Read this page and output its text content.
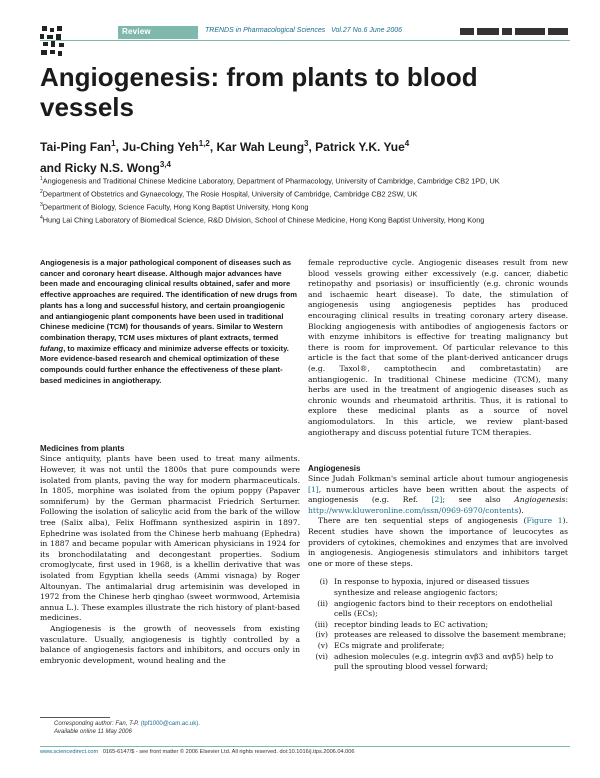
Review	TRENDS in Pharmacological Sciences Vol.27 No.6 June 2006
Angiogenesis: from plants to blood vessels
Tai-Ping Fan$^1$, Ju-Ching Yeh$^{1,2}$, Kar Wah Leung$^3$, Patrick Y.K. Yue$^4$
and Ricky N.S. Wong$^{3,4}$

$^1$Angiogenesis and Traditional Chinese Medicine Laboratory, Department of Pharmacology, University of Cambridge, Cambridge CB2 1PD, UK

$^2$Department of Obstetrics and Gynaecology, The Rosie Hospital, University of Cambridge, Cambridge CB2 2SW, UK

$^3$Department of Biology, Science Faculty, Hong Kong Baptist University, Hong Kong

$^4$Hung Lai Ching Laboratory of Biomedical Science, R&D Division, School of Chinese Medicine, Hong Kong Baptist University, Hong Kong

Angiogenesis is a major pathological component of diseases such as cancer and coronary heart disease. Although major advances have been made and encouraging clinical results obtained, safer and more effective approaches are required. The identification of new drugs from plants has a long and successful history, and certain proangiogenic and antiangiogenic plant components have been used in traditional Chinese medicine (TCM) for thousands of years. Similar to Western combination therapy, TCM uses mixtures of plant extracts, termed fufang, to maximize efficacy and minimize adverse effects or toxicity. More evidence-based research and chemical optimization of these compounds could further enhance the effectiveness of these plant-based medicines in angiotherapy.

Medicines from plants

Since antiquity, plants have been used to treat many ailments. However, it was not until the 1800s that pure compounds were isolated from plants, paving the way for modern pharmaceuticals. In 1805, morphine was isolated from the opium poppy (Papaver somniferum) by the German pharmacist Friedrich Serturner. Following the isolation of salicylic acid from the bark of the willow tree (Salix alba), Felix Hoffmann synthesized aspirin in 1897. Ephedrine was isolated from the Chinese herb mahuang (Ephedra) in 1887 and became popular with American physicians in 1924 for its bronchodilatating and decongestant properties. Sodium cromoglycate, first used in 1968, is a khellin derivative that was isolated from Egyptian khella seeds (Ammi visnaga) by Roger Altounyan. The antimalarial drug artemisinin was developed in 1972 from the Chinese herb qinghao (sweet wormwood, Artemisia annua L.). These examples illustrate the rich history of plant-based medicines.

Angiogenesis is the growth of neovessels from existing vasculature. Usually, angiogenesis is tightly controlled by a balance of angiogenesis factors and inhibitors, and occurs only in embryonic development, wound healing and the

female reproductive cycle. Angiogenic diseases result from new blood vessels growing either excessively (e.g. cancer, diabetic retinopathy and psoriasis) or insufficiently (e.g. chronic wounds and ischaemic heart disease). To date, the stimulation of angiogenesis using angiogenesis peptides has produced encouraging clinical results in treating coronary artery disease. Blocking angiogenesis with antibodies of angiogenesis factors or with enzyme inhibitors is effective for treating malignancy but there is room for improvement. Of particular relevance to this article is the fact that some of the plant-derived anticancer drugs (e.g. Taxol®, camptothecin and combretastatin) are antiangiogenic. In traditional Chinese medicine (TCM), many herbs are used in the treatment of angiogenic diseases such as chronic wounds and rheumatoid arthritis. Thus, it is rational to explore these medicinal plants as a source of novel angiomodulators. In this article, we review plant-based angiotherapy and discuss potential future TCM therapies.

Angiogenesis

Since Judah Folkman's seminal article about tumour angiogenesis [1], numerous articles have been written about the aspects of angiogenesis (e.g. Ref. [2]; see also Angiogenesis: http://www.kluweronline.com/issn/0969-6970/contents).

There are ten sequential steps of angiogenesis (Figure 1). Recent studies have shown the importance of leucocytes as providers of cytokines, chemokines and enzymes that are involved in angiogenesis. Angiogenesis stimulators and inhibitors target one or more of these steps.

(i) In response to hypoxia, injured or diseased tissues synthesize and release angiogenic factors;
(ii) angiogenic factors bind to their receptors on endothelial cells (ECs);
(iii) receptor binding leads to EC activation;
(iv) proteases are released to dissolve the basement membrane;
(v) ECs migrate and proliferate;
(vi) adhesion molecules (e.g. integrin αvβ3 and αvβ5) help to pull the sprouting blood vessel forward;
Corresponding author: Fan, T-P. (tpf1000@cam.ac.uk).
Available online 11 May 2006
www.sciencedirect.com 0165-6147/$ - see front matter © 2006 Elsevier Ltd. All rights reserved. doi:10.1016/j.tips.2006.04.006
